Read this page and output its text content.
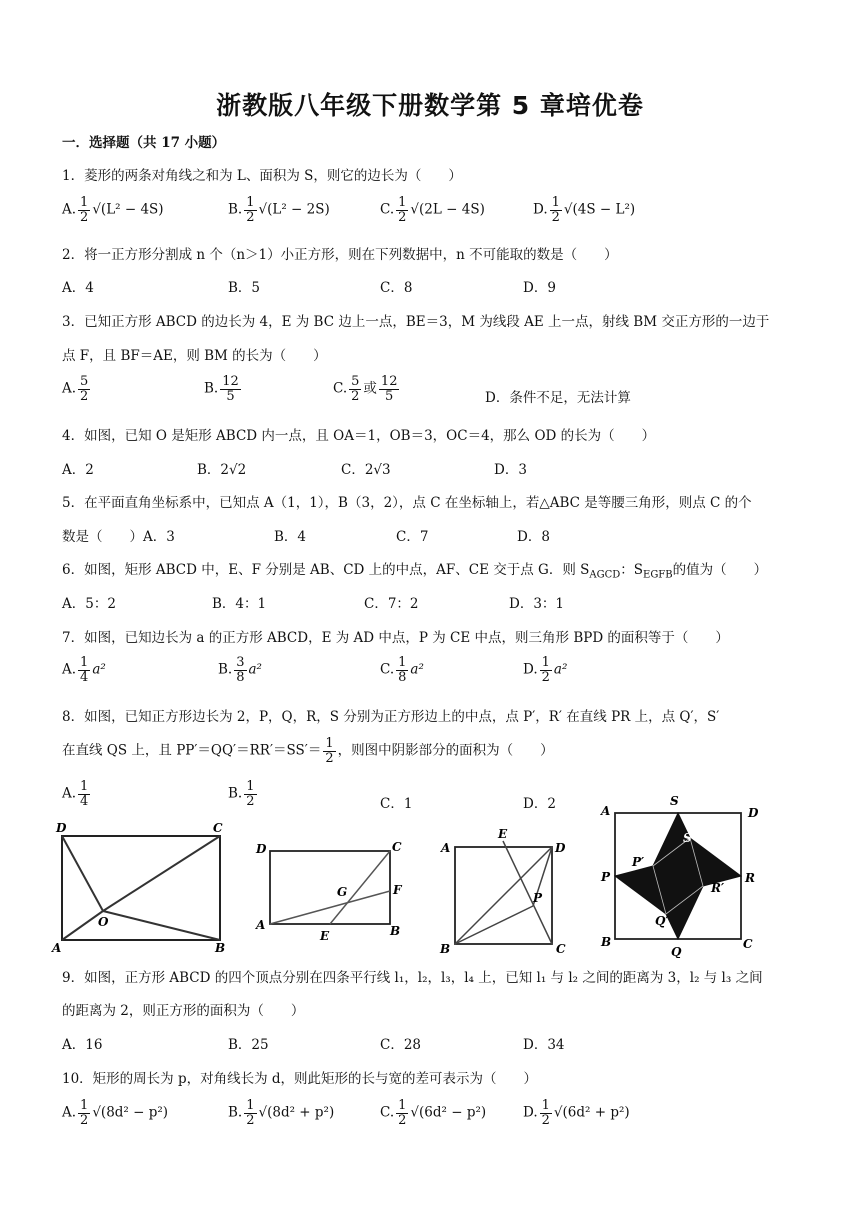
浙教版八年级下册数学第 5 章培优卷
一．选择题（共 17 小题）
1．菱形的两条对角线之和为 L、面积为 S，则它的边长为（　　）
A. $\frac{1}{2} √(L^2 - 4S)$	B. $\frac{1}{2} √(L^2 - 2S)$	C. $\frac{1}{2} √(2L - 4S)$	D. $\frac{1}{2} √(4S - L^2)$
2．将一正方形分割成 n 个（n＞1）小正方形，则在下列数据中，n 不可能取的数是（　　）
A．4	B．5	C．8	D．9
3．已知正方形 ABCD 的边长为 4，E 为 BC 边上一点，BE＝3，M 为线段 AE 上一点，射线 BM 交正方形的一边于
点 F，且 BF＝AE，则 BM 的长为（　　）
A. $\frac{5}{2}$	B. $\frac{12}{5}$	C. $\frac{5}{2}$ 或 $\frac{12}{5}$	D．条件不足，无法计算
4．如图，已知 O 是矩形 ABCD 内一点，且 OA＝1，OB＝3，OC＝4，那么 OD 的长为（　　）
A．2	B．2√2	C．2√3	D．3
5．在平面直角坐标系中，已知点 A（1，1），B（3，2），点 C 在坐标轴上，若△ABC 是等腰三角形，则点 C 的个
数是（　　）A．3	B．4	C．7	D．8
6．如图，矩形 ABCD 中，E、F 分别是 AB、CD 上的中点，AF、CE 交于点 G．则 $S_{AGCD}$：$S_{EGFB}$的值为（　　）
A．5：2	B．4：1	C．7：2	D．3：1
7．如图，已知边长为 a 的正方形 ABCD，E 为 AD 中点，P 为 CE 中点，则三角形 BPD 的面积等于（　　）
A. $\frac{1}{4} a^2$	B. $\frac{3}{8} a^2$	C. $\frac{1}{8} a^2$	D. $\frac{1}{2} a^2$
8．如图，已知正方形边长为 2，P，Q，R，S 分别为正方形边上的中点，点 P′，R′ 在直线 PR 上，点 Q′，S′
在直线 QS 上，且 $PP'=QQ'=RR'=SS'= \frac{1}{2}$ ，则图中阴影部分的面积为（　　）
A. $\frac{1}{4}$	B. $\frac{1}{2}$	C．1	D．2
D	C
A	B
O
D	C
A	B
E
F
G
A	D
B	C
E
P
A	D
B	C
P
Q
R
S
P′
Q′
R′
S′
9．如图，正方形 ABCD 的四个顶点分别在四条平行线 l₁，l₂，l₃，l₄ 上，已知 l₁ 与 l₂ 之间的距离为 3，l₂ 与 l₃ 之间
的距离为 2，则正方形的面积为（　　）
A．16	B．25	C．28	D．34
10．矩形的周长为 p，对角线长为 d，则此矩形的长与宽的差可表示为（　　）
A. $\frac{1}{2} √(8d^2 - p^2)$	B. $\frac{1}{2} √(8d^2 + p^2)$	C. $\frac{1}{2} √(6d^2 - p^2)$	D. $\frac{1}{2} √(6d^2 + p^2)$
